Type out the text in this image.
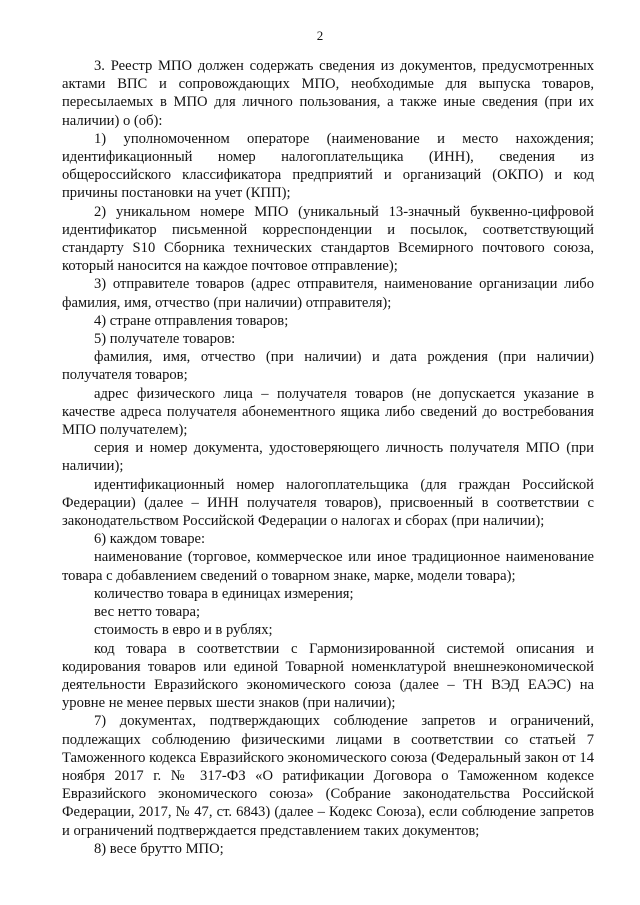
2

3. Реестр МПО должен содержать сведения из документов, предусмотренных актами ВПС и сопровождающих МПО, необходимые для выпуска товаров, пересылаемых в МПО для личного пользования, а также иные сведения (при их наличии) о (об):

1) уполномоченном операторе (наименование и место нахождения; идентификационный номер налогоплательщика (ИНН), сведения из общероссийского классификатора предприятий и организаций (ОКПО) и код причины постановки на учет (КПП);

2) уникальном номере МПО (уникальный 13-значный буквенно-цифровой идентификатор письменной корреспонденции и посылок, соответствующий стандарту S10 Сборника технических стандартов Всемирного почтового союза, который наносится на каждое почтовое отправление);

3) отправителе товаров (адрес отправителя, наименование организации либо фамилия, имя, отчество (при наличии) отправителя);

4) стране отправления товаров;

5) получателе товаров:

фамилия, имя, отчество (при наличии) и дата рождения (при наличии) получателя товаров;

адрес физического лица – получателя товаров (не допускается указание в качестве адреса получателя абонементного ящика либо сведений до востребования МПО получателем);

серия и номер документа, удостоверяющего личность получателя МПО (при наличии);

идентификационный номер налогоплательщика (для граждан Российской Федерации) (далее – ИНН получателя товаров), присвоенный в соответствии с законодательством Российской Федерации о налогах и сборах (при наличии);

6) каждом товаре:

наименование (торговое, коммерческое или иное традиционное наименование товара с добавлением сведений о товарном знаке, марке, модели товара);

количество товара в единицах измерения;

вес нетто товара;

стоимость в евро и в рублях;

код товара в соответствии с Гармонизированной системой описания и кодирования товаров или единой Товарной номенклатурой внешнеэкономической деятельности Евразийского экономического союза (далее – ТН ВЭД ЕАЭС) на уровне не менее первых шести знаков (при наличии);

7) документах, подтверждающих соблюдение запретов и ограничений, подлежащих соблюдению физическими лицами в соответствии со статьей 7 Таможенного кодекса Евразийского экономического союза (Федеральный закон от 14 ноября 2017 г. № 317-ФЗ «О ратификации Договора о Таможенном кодексе Евразийского экономического союза» (Собрание законодательства Российской Федерации, 2017, № 47, ст. 6843) (далее – Кодекс Союза), если соблюдение запретов и ограничений подтверждается представлением таких документов;

8) весе брутто МПО;
